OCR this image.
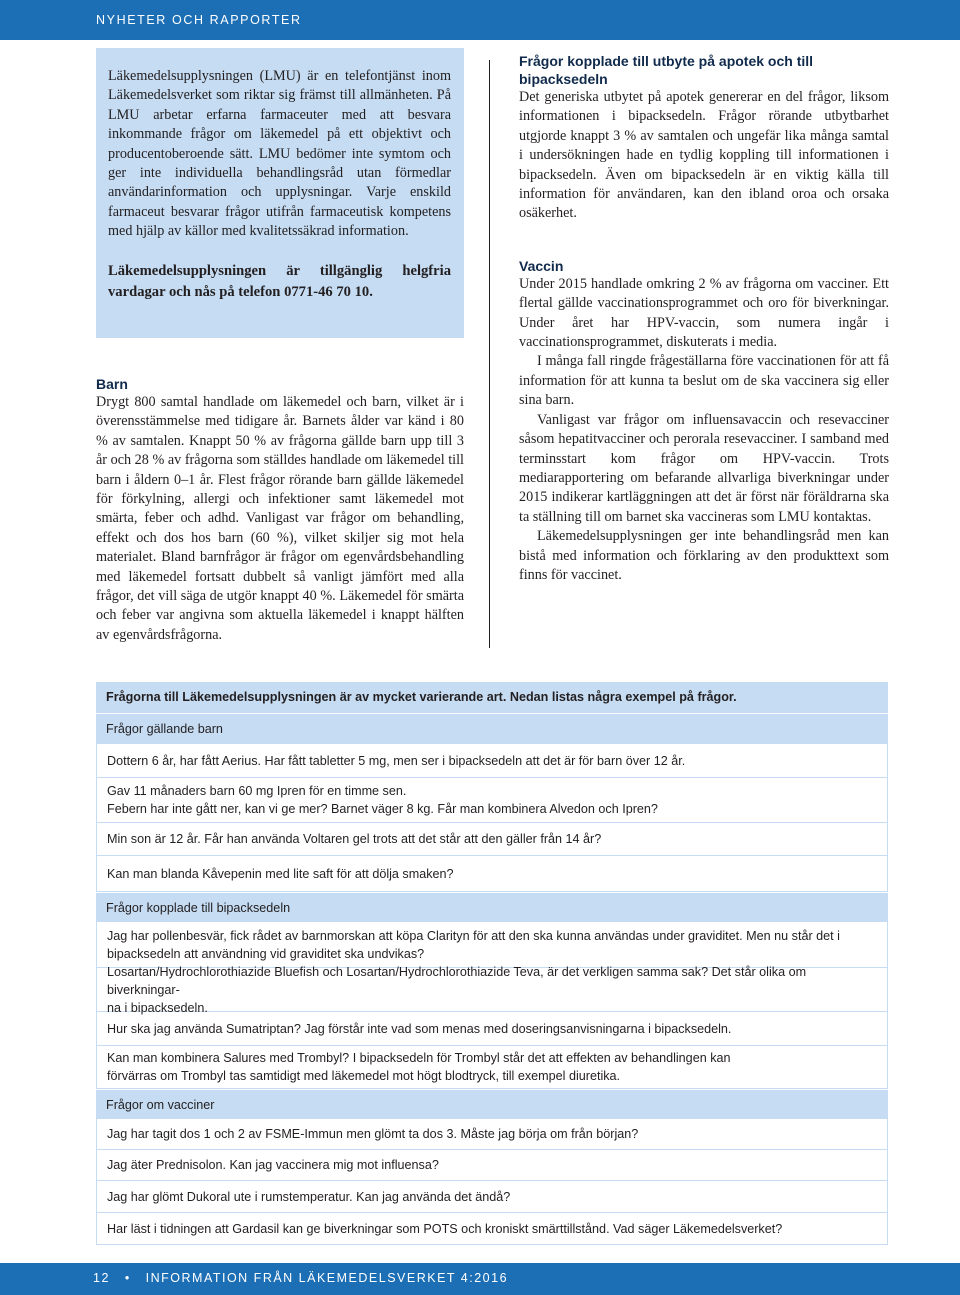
NYHETER OCH RAPPORTER

Läkemedelsupplysningen (LMU) är en telefontjänst inom Läkemedelsverket som riktar sig främst till allmänheten. På LMU arbetar erfarna farmaceuter med att besvara inkommande frågor om läkemedel på ett objektivt och producentoberoende sätt. LMU bedömer inte symtom och ger inte individuella behandlingsråd utan förmedlar användarinformation och upplysningar. Varje enskild farmaceut besvarar frågor utifrån farmaceutisk kompetens med hjälp av källor med kvalitetssäkrad information.

Läkemedelsupplysningen är tillgänglig helgfria vardagar och nås på telefon 0771-46 70 10.

Barn

Drygt 800 samtal handlade om läkemedel och barn, vilket är i överensstämmelse med tidigare år. Barnets ålder var känd i 80 % av samtalen. Knappt 50 % av frågorna gällde barn upp till 3 år och 28 % av frågorna som ställdes handlade om läkemedel till barn i åldern 0–1 år. Flest frågor rörande barn gällde läkemedel för förkylning, allergi och infektioner samt läkemedel mot smärta, feber och adhd. Vanligast var frågor om behandling, effekt och dos hos barn (60 %), vilket skiljer sig mot hela materialet. Bland barnfrågor är frågor om egenvårdsbehandling med läkemedel fortsatt dubbelt så vanligt jämfört med alla frågor, det vill säga de utgör knappt 40 %. Läkemedel för smärta och feber var angivna som aktuella läkemedel i knappt hälften av egenvårdsfrågorna.

Frågor kopplade till utbyte på apotek och till bipacksedeln

Det generiska utbytet på apotek genererar en del frågor, liksom informationen i bipacksedeln. Frågor rörande utbytbarhet utgjorde knappt 3 % av samtalen och ungefär lika många samtal i undersökningen hade en tydlig koppling till informationen i bipacksedeln. Även om bipacksedeln är en viktig källa till information för användaren, kan den ibland oroa och orsaka osäkerhet.

Vaccin

Under 2015 handlade omkring 2 % av frågorna om vacciner. Ett flertal gällde vaccinationsprogrammet och oro för biverkningar. Under året har HPV-vaccin, som numera ingår i vaccinationsprogrammet, diskuterats i media.

I många fall ringde frågeställarna före vaccinationen för att få information för att kunna ta beslut om de ska vaccinera sig eller sina barn.

Vanligast var frågor om influensavaccin och resevacciner såsom hepatitvacciner och perorala resevacciner. I samband med terminsstart kom frågor om HPV-vaccin. Trots mediarapportering om befarande allvarliga biverkningar under 2015 indikerar kartläggningen att det är först när föräldrarna ska ta ställning till om barnet ska vaccineras som LMU kontaktas.

Läkemedelsupplysningen ger inte behandlingsråd men kan bistå med information och förklaring av den produkttext som finns för vaccinet.

Frågorna till Läkemedelsupplysningen är av mycket varierande art. Nedan listas några exempel på frågor.
Frågor gällande barn
Dottern 6 år, har fått Aerius. Har fått tabletter 5 mg, men ser i bipacksedeln att det är för barn över 12 år.
Gav 11 månaders barn 60 mg Ipren för en timme sen.
Febern har inte gått ner, kan vi ge mer? Barnet väger 8 kg. Får man kombinera Alvedon och Ipren?
Min son är 12 år. Får han använda Voltaren gel trots att det står att den gäller från 14 år?
Kan man blanda Kåvepenin med lite saft för att dölja smaken?
Frågor kopplade till bipacksedeln
Jag har pollenbesvär, fick rådet av barnmorskan att köpa Clarityn för att den ska kunna användas under graviditet. Men nu står det i
bipacksedeln att användning vid graviditet ska undvikas?
Losartan/Hydrochlorothiazide Bluefish och Losartan/Hydrochlorothiazide Teva, är det verkligen samma sak? Det står olika om biverkningar-
na i bipacksedeln.
Hur ska jag använda Sumatriptan? Jag förstår inte vad som menas med doseringsanvisningarna i bipacksedeln.
Kan man kombinera Salures med Trombyl? I bipacksedeln för Trombyl står det att effekten av behandlingen kan
förvärras om Trombyl tas samtidigt med läkemedel mot högt blodtryck, till exempel diuretika.
Frågor om vacciner
Jag har tagit dos 1 och 2 av FSME-Immun men glömt ta dos 3. Måste jag börja om från början?
Jag äter Prednisolon. Kan jag vaccinera mig mot influensa?
Jag har glömt Dukoral ute i rumstemperatur. Kan jag använda det ändå?
Har läst i tidningen att Gardasil kan ge biverkningar som POTS och kroniskt smärttillstånd. Vad säger Läkemedelsverket?
12 • INFORMATION FRÅN LÄKEMEDELSVERKET 4:2016
